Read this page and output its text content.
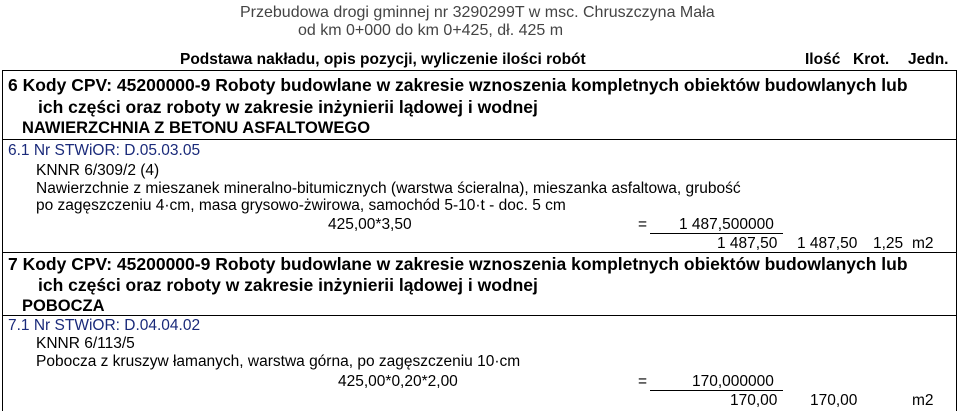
Przebudowa drogi gminnej nr 3290299T w msc. Chruszczyna Mała
od km 0+000 do km 0+425, dł. 425 m
Podstawa nakładu, opis pozycji, wyliczenie ilości robót	Ilość Krot. Jedn.
6 Kody CPV: 45200000-9 Roboty budowlane w zakresie wznoszenia kompletnych obiektów budowlanych lub
ich części oraz roboty w zakresie inżynierii lądowej i wodnej
NAWIERZCHNIA Z BETONU ASFALTOWEGO
6.1 Nr STWiOR: D.05.03.05
KNNR 6/309/2 (4)
Nawierzchnie z mieszanek mineralno-bitumicznych (warstwa ścieralna), mieszanka asfaltowa, grubość
po zagęszczeniu 4·cm, masa grysowo-żwirowa, samochód 5-10·t - doc. 5 cm
425,00*3,50	= 1 487,500000
1 487,50 1 487,50 1,25 m2
7 Kody CPV: 45200000-9 Roboty budowlane w zakresie wznoszenia kompletnych obiektów budowlanych lub
ich części oraz roboty w zakresie inżynierii lądowej i wodnej
POBOCZA
7.1 Nr STWiOR: D.04.04.02
KNNR 6/113/5
Pobocza z kruszyw łamanych, warstwa górna, po zagęszczeniu 10·cm
425,00*0,20*2,00	=	170,000000
170,00 170,00	m2
